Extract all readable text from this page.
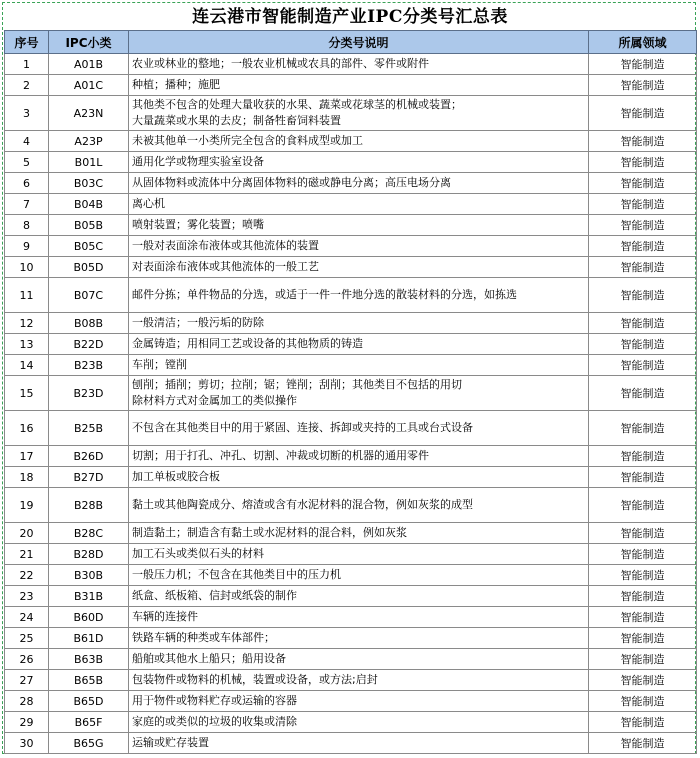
连云港市智能制造产业IPC分类号汇总表
序号	IPC小类	分类号说明	所属领域
1	A01B	农业或林业的整地；一般农业机械或农具的部件、零件或附件	智能制造
2	A01C	种植；播种；施肥	智能制造
3	A23N	其他类不包含的处理大量收获的水果、蔬菜或花球茎的机械或装置；
大量蔬菜或水果的去皮；制备牲畜饲料装置	智能制造
4	A23P	未被其他单一小类所完全包含的食料成型或加工	智能制造
5	B01L	通用化学或物理实验室设备	智能制造
6	B03C	从固体物料或流体中分离固体物料的磁或静电分离；高压电场分离	智能制造
7	B04B	离心机	智能制造
8	B05B	喷射装置；雾化装置；喷嘴	智能制造
9	B05C	一般对表面涂布液体或其他流体的装置	智能制造
10	B05D	对表面涂布液体或其他流体的一般工艺	智能制造
11	B07C	邮件分拣；单件物品的分选，或适于一件一件地分选的散装材料的分选，如拣选	智能制造
12	B08B	一般清洁；一般污垢的防除	智能制造
13	B22D	金属铸造；用相同工艺或设备的其他物质的铸造	智能制造
14	B23B	车削；镗削	智能制造
15	B23D	刨削；插削；剪切；拉削；锯；锉削；刮削；其他类目不包括的用切
除材料方式对金属加工的类似操作	智能制造
16	B25B	不包含在其他类目中的用于紧固、连接、拆卸或夹持的工具或台式设备	智能制造
17	B26D	切割；用于打孔、冲孔、切割、冲裁或切断的机器的通用零件	智能制造
18	B27D	加工单板或胶合板	智能制造
19	B28B	黏土或其他陶瓷成分、熔渣或含有水泥材料的混合物，例如灰浆的成型	智能制造
20	B28C	制造黏土；制造含有黏土或水泥材料的混合料，例如灰浆	智能制造
21	B28D	加工石头或类似石头的材料	智能制造
22	B30B	一般压力机；不包含在其他类目中的压力机	智能制造
23	B31B	纸盒、纸板箱、信封或纸袋的制作	智能制造
24	B60D	车辆的连接件	智能制造
25	B61D	铁路车辆的种类或车体部件；	智能制造
26	B63B	船舶或其他水上船只；船用设备	智能制造
27	B65B	包装物件或物料的机械，装置或设备，或方法;启封	智能制造
28	B65D	用于物件或物料贮存或运输的容器	智能制造
29	B65F	家庭的或类似的垃圾的收集或清除	智能制造
30	B65G	运输或贮存装置	智能制造
